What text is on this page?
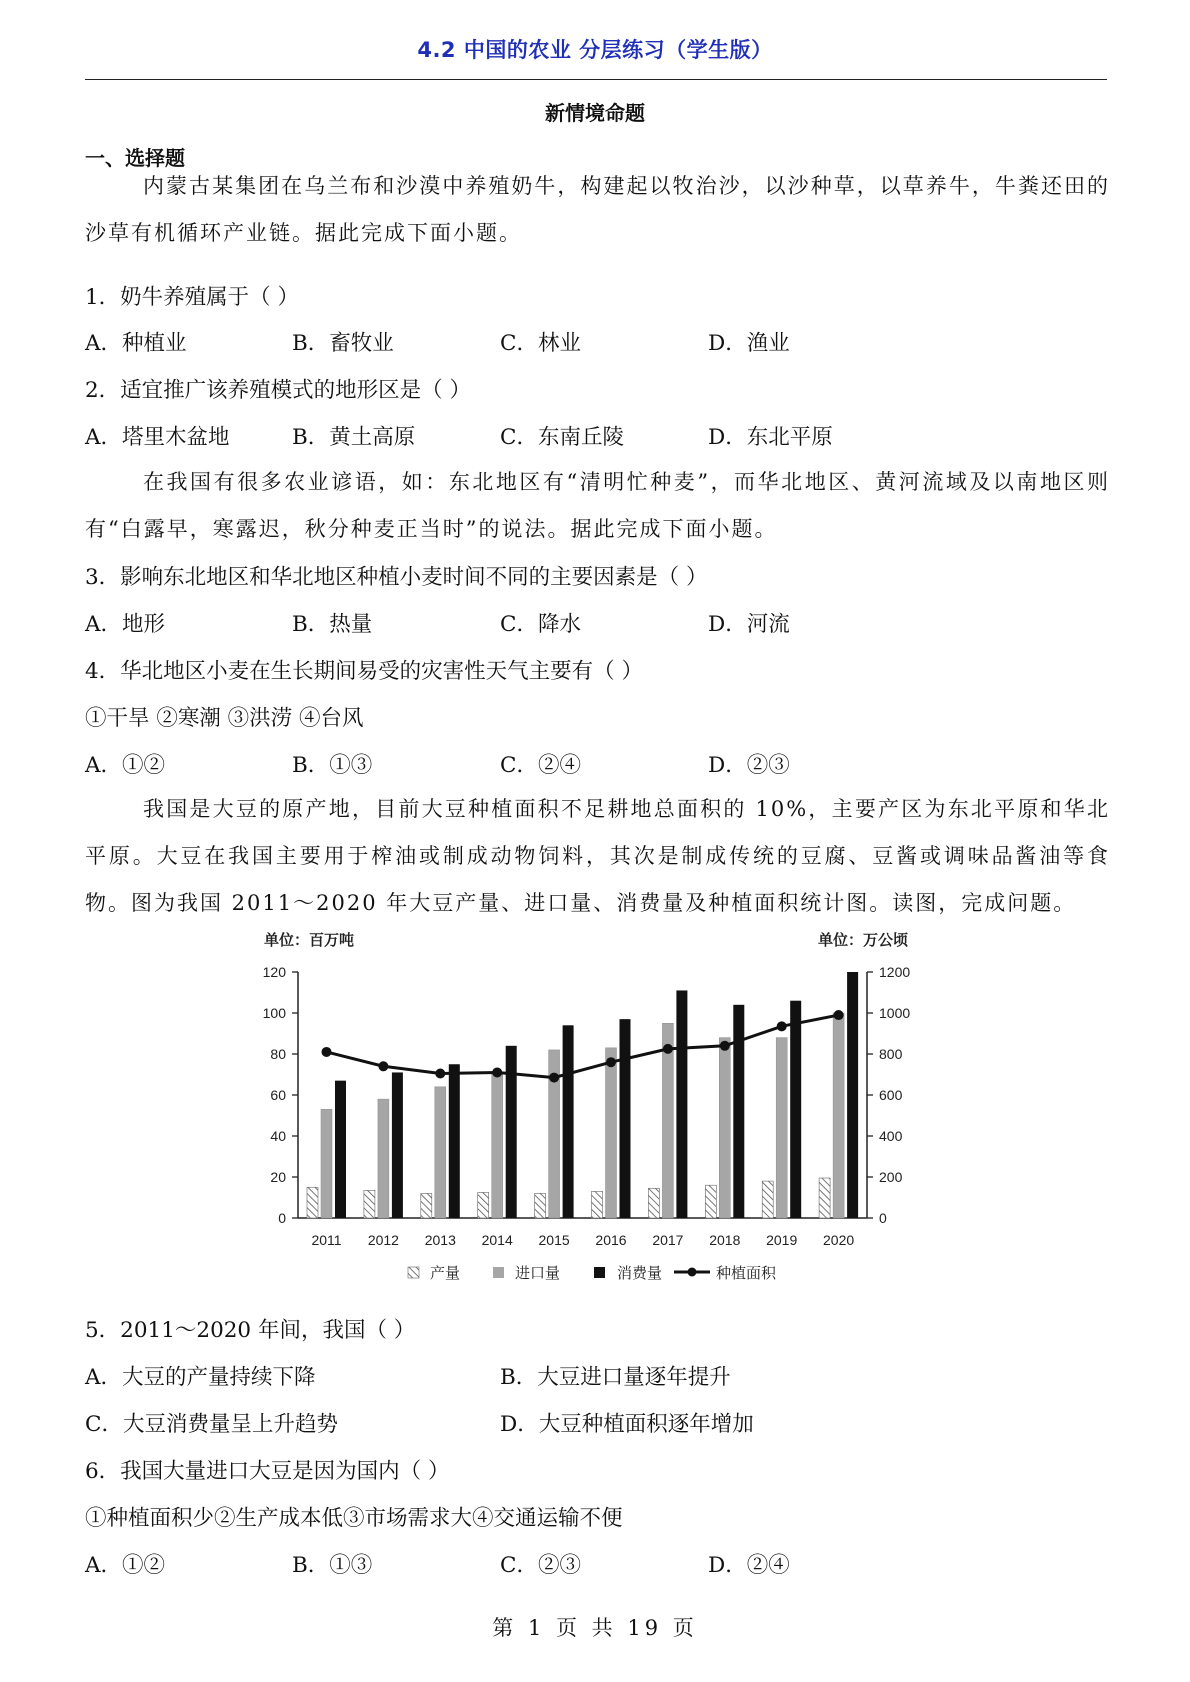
4.2 中国的农业 分层练习（学生版）
新情境命题
一、选择题
内蒙古某集团在乌兰布和沙漠中养殖奶牛，构建起以牧治沙，以沙种草，以草养牛，牛粪还田的沙草有机循环产业链。据此完成下面小题。
1．奶牛养殖属于（ ）
A．种植业	B．畜牧业	C．林业	D．渔业
2．适宜推广该养殖模式的地形区是（ ）
A．塔里木盆地	B．黄土高原	C．东南丘陵	D．东北平原
在我国有很多农业谚语，如：东北地区有“清明忙种麦”，而华北地区、黄河流域及以南地区则有“白露早，寒露迟，秋分种麦正当时”的说法。据此完成下面小题。
3．影响东北地区和华北地区种植小麦时间不同的主要因素是（ ）
A．地形	B．热量	C．降水	D．河流
4．华北地区小麦在生长期间易受的灾害性天气主要有（ ）
①干旱 ②寒潮 ③洪涝 ④台风
A．①②	B．①③	C．②④	D．②③
我国是大豆的原产地，目前大豆种植面积不足耕地总面积的 10%，主要产区为东北平原和华北平原。大豆在我国主要用于榨油或制成动物饲料，其次是制成传统的豆腐、豆酱或调味品酱油等食物。图为我国 2011～2020 年大豆产量、进口量、消费量及种植面积统计图。读图，完成问题。
单位：百万吨	单位：万公顷
0
20
40
60
80
100
120
0
200
400
600
800
1000
1200
2011 2012 2013 2014 2015 2016 2017 2018 2019 2020
产量	进口量	消费量	种植面积
5．2011～2020 年间，我国（ ）
A．大豆的产量持续下降	B．大豆进口量逐年提升
C．大豆消费量呈上升趋势	D．大豆种植面积逐年增加
6．我国大量进口大豆是因为国内（ ）
①种植面积少②生产成本低③市场需求大④交通运输不便
A．①②	B．①③	C．②③	D．②④
第 1 页 共 19 页
